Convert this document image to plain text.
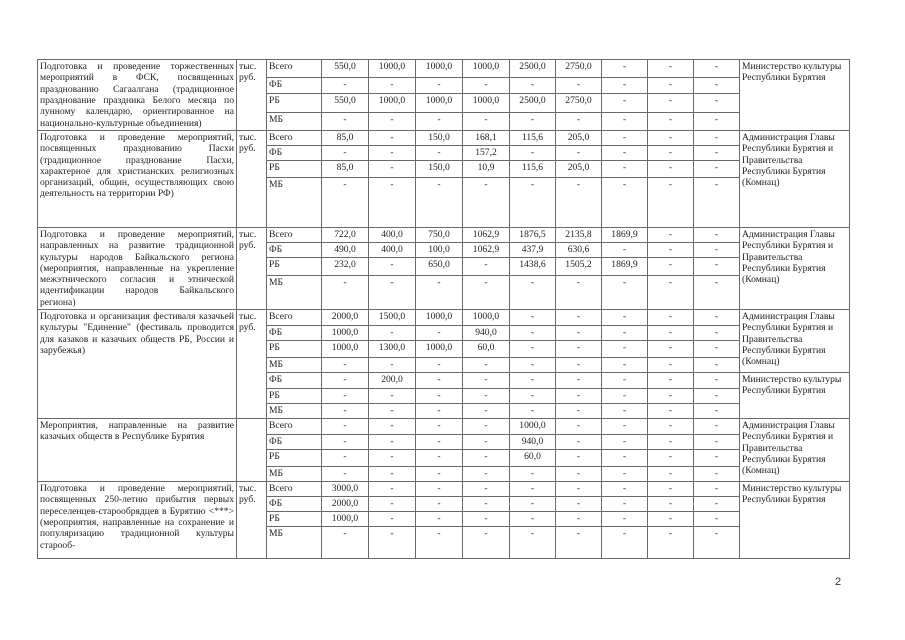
Подготовка и проведение торжественных мероприятий в ФСК, посвященных празднованию Сагаалгана (традиционное празднование праздника Белого месяца по лунному календарю, ориентированное на национально-культурные объединения)	тыс. руб.	Всего	550,0	1000,0	1000,0	1000,0	2500,0	2750,0	-	-	-	Министерство культуры Республики Бурятия
		ФБ	-	-	-	-	-	-	-	-	-	
		РБ	550,0	1000,0	1000,0	1000,0	2500,0	2750,0	-	-	-	
		МБ	-	-	-	-	-	-	-	-	-	
Подготовка и проведение мероприятий, посвященных празднованию Пасхи (традиционное празднование Пасхи, характерное для христианских религиозных организаций, общин, осуществляющих свою деятельность на территории РФ)	тыс. руб.	Всего	85,0	-	150,0	168,1	115,6	205,0	-	-	-	Администрация Главы Республики Бурятия и Правительства Республики Бурятия (Комнац)
		ФБ	-	-	-	157,2	-	-	-	-	-	
		РБ	85,0	-	150,0	10,9	115,6	205,0	-	-	-	
		МБ	-	-	-	-	-	-	-	-	-	
Подготовка и проведение мероприятий, направленных на развитие традиционной культуры народов Байкальского региона (мероприятия, направленные на укрепление межэтнического согласия и этнической идентификации народов Байкальского региона)	тыс. руб.	Всего	722,0	400,0	750,0	1062,9	1876,5	2135,8	1869,9	-	-	Администрация Главы Республики Бурятия и Правительства Республики Бурятия (Комнац)
		ФБ	490,0	400,0	100,0	1062,9	437,9	630,6	-	-	-	
		РБ	232,0	-	650,0	-	1438,6	1505,2	1869,9	-	-	
		МБ	-	-	-	-	-	-	-	-	-	
Подготовка и организация фестиваля казачьей культуры "Единение" (фестиваль проводится для казаков и казачьих обществ РБ, России и зарубежья)	тыс. руб.	Всего	2000,0	1500,0	1000,0	1000,0	-	-	-	-	-	Администрация Главы Республики Бурятия и Правительства Республики Бурятия (Комнац)
		ФБ	1000,0	-	-	940,0	-	-	-	-	-	
		РБ	1000,0	1300,0	1000,0	60,0	-	-	-	-	-	
		МБ	-	-	-	-	-	-	-	-	-	
		ФБ	-	200,0	-	-	-	-	-	-	-	Министерство культуры Республики Бурятия
		РБ	-	-	-	-	-	-	-	-	-	
		МБ	-	-	-	-	-	-	-	-	-	
Мероприятия, направленные на развитие казачьих обществ в Республике Бурятия		Всего	-	-	-	-	1000,0	-	-	-	-	Администрация Главы Республики Бурятия и Правительства Республики Бурятия (Комнац)
		ФБ	-	-	-	-	940,0	-	-	-	-	
		РБ	-	-	-	-	60,0	-	-	-	-	
		МБ	-	-	-	-	-	-	-	-	-	
Подготовка и проведение мероприятий, посвященных 250-летию прибытия первых переселенцев-старообрядцев в Бурятию <***> (мероприятия, направленные на сохранение и популяризацию традиционной культуры старооб-	тыс. руб.	Всего	3000,0	-	-	-	-	-	-	-	-	Министерство культуры Республики Бурятия
		ФБ	2000,0	-	-	-	-	-	-	-	-	
		РБ	1000,0	-	-	-	-	-	-	-	-	
		МБ	-	-	-	-	-	-	-	-	-	
2
